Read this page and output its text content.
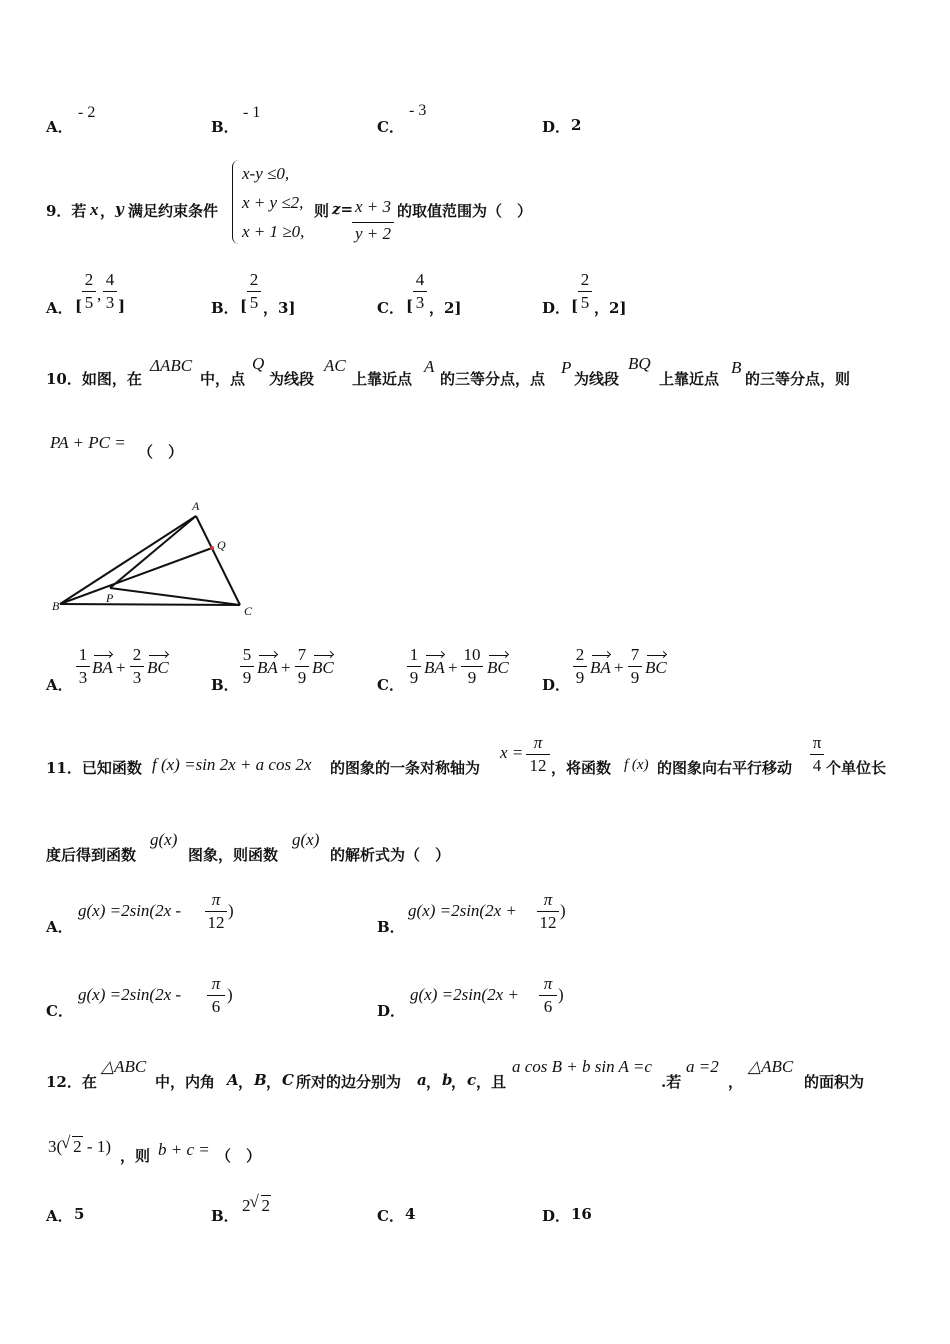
A．
- 2
B．
- 1
C．
- 3
D． 2
9．若 x ， y 满足约束条件
x-y ≤0,
x + y ≤2,
x + 1 ≥0,
则 z= x + 3
y + 2
的取值范围为（　）
A． [
2
5 ,
4
3 ]	B． [
2
5 ，3]	C． [
4
3 ，2]	D． [
2
5 ，2]
10．如图，在
ΔABC
中，点
Q
为线段
AC
上靠近点
A
的三等分点，点
P
为线段
BQ
上靠近点
B
的三等分点，则
PA + PC = （　）
A
Q
B
P
C
A．
1
3
BA +
2
3
BC
B．
5
9
BA +
7
9
BC
C．
1
9
BA +
10
9
BC
D．
2
9
BA +
7
9
BC
11．已知函数 f (x) =sin 2x + a cos 2x 的图象的一条对称轴为
x =
π
12 ，将函数 f (x) 的图象向右平行移动
π
4 个单位长
度后得到函数
g(x)
图象，则函数
g(x)
的解析式为（　）
A．
g(x) =2sin(2x -
π
12
)
B．
g(x) =2sin(2x +
π
12
)
C．
g(x) =2sin(2x -
π
6
)
D．
g(x) =2sin(2x +
π
6
)
12．在
△ABC
中，内角 A ， B ， C 所对的边分别为 a ， b
， c ，且
a cos B + b sin A =c
.若
a =2
，
△ABC
的面积为
3( √ 2 - 1) ，则 b + c = （　）
A． 5	B．
2 √ 2
C． 4	D． 16
